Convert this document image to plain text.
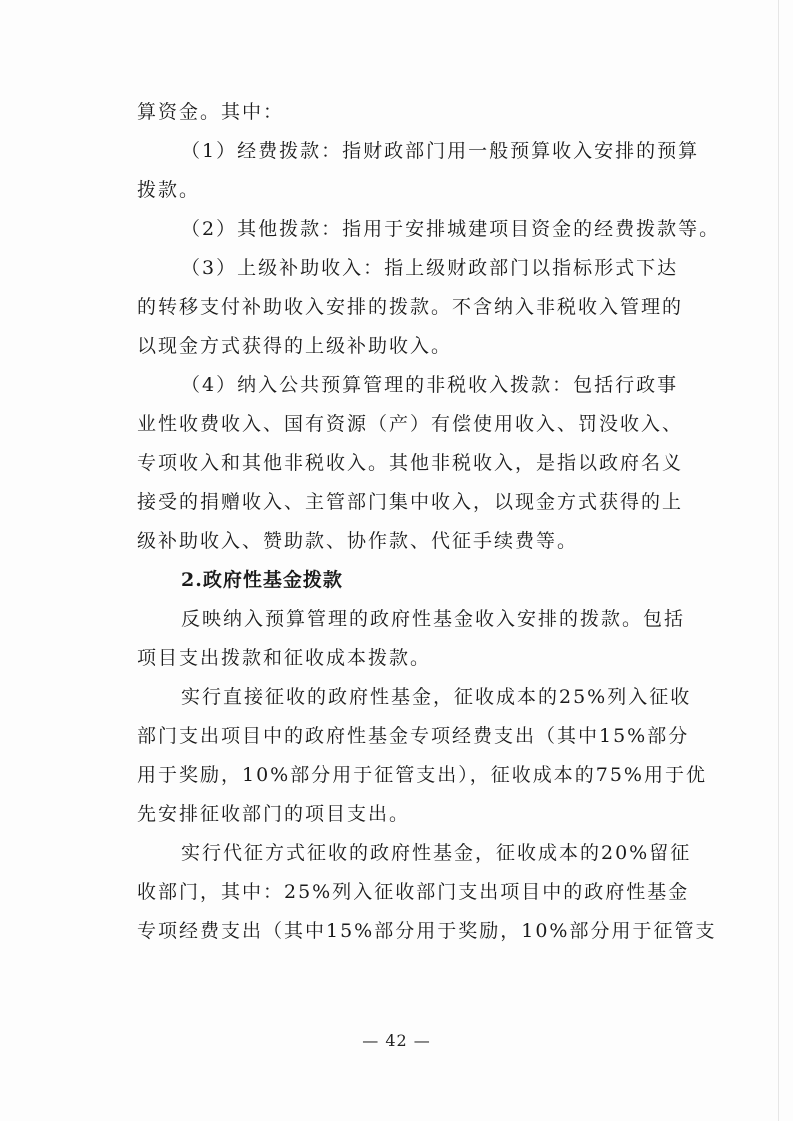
算资金。其中：

（1）经费拨款：指财政部门用一般预算收入安排的预算

拨款。

（2）其他拨款：指用于安排城建项目资金的经费拨款等。

（3）上级补助收入：指上级财政部门以指标形式下达

的转移支付补助收入安排的拨款。不含纳入非税收入管理的

以现金方式获得的上级补助收入。

（4）纳入公共预算管理的非税收入拨款：包括行政事

业性收费收入、国有资源（产）有偿使用收入、罚没收入、

专项收入和其他非税收入。其他非税收入，是指以政府名义

接受的捐赠收入、主管部门集中收入，以现金方式获得的上

级补助收入、赞助款、协作款、代征手续费等。

2.政府性基金拨款

反映纳入预算管理的政府性基金收入安排的拨款。包括

项目支出拨款和征收成本拨款。

实行直接征收的政府性基金，征收成本的25%列入征收

部门支出项目中的政府性基金专项经费支出（其中15%部分

用于奖励，10%部分用于征管支出），征收成本的75%用于优

先安排征收部门的项目支出。

实行代征方式征收的政府性基金，征收成本的20%留征

收部门，其中：25%列入征收部门支出项目中的政府性基金

专项经费支出（其中15%部分用于奖励，10%部分用于征管支

— 42 —
